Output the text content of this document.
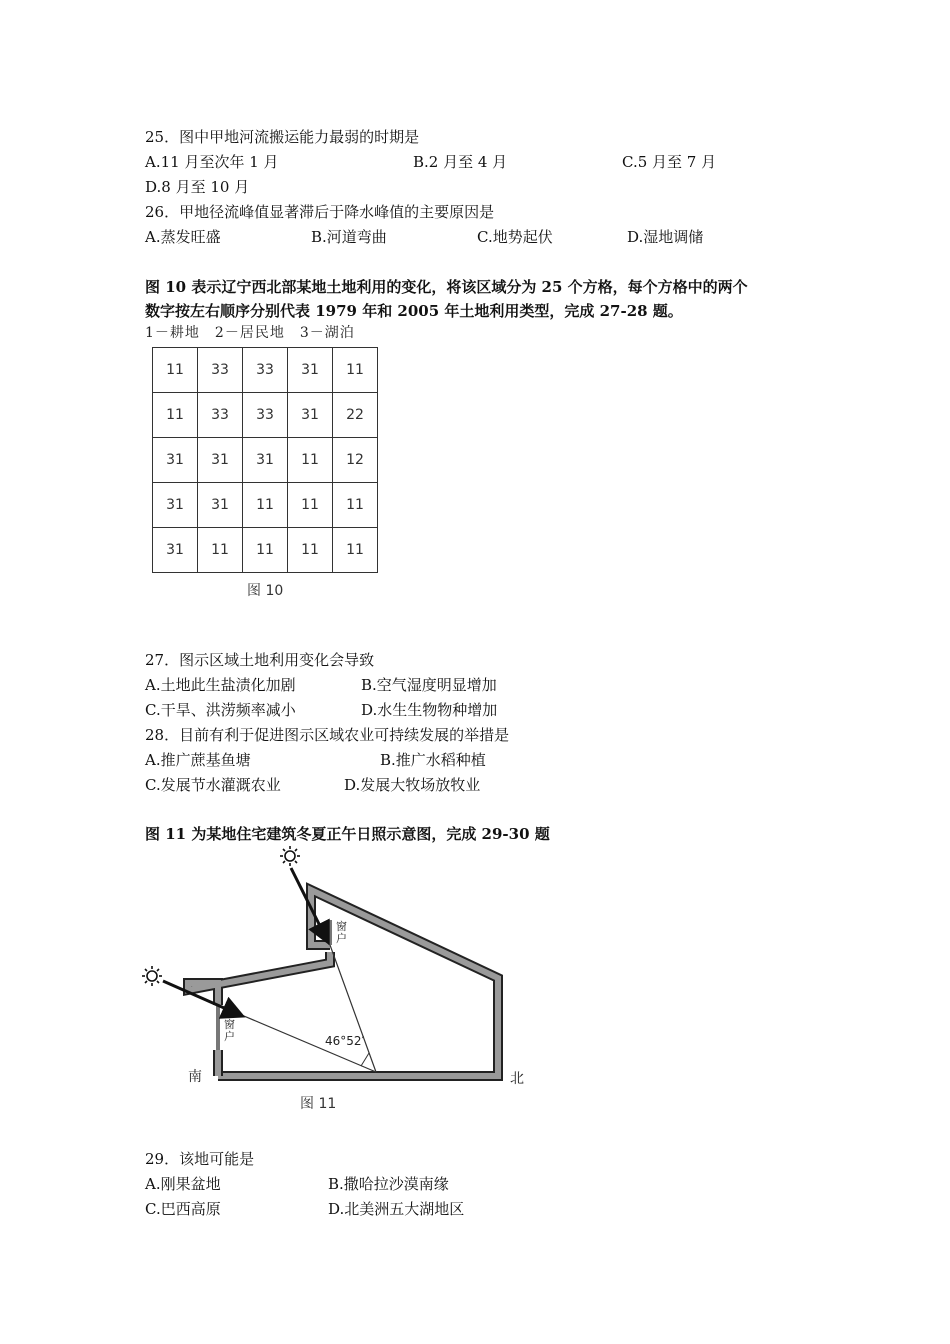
25．图中甲地河流搬运能力最弱的时期是
A.11 月至次年 1 月	B.2 月至 4 月	C.5 月至 7 月
D.8 月至 10 月
26．甲地径流峰值显著滞后于降水峰值的主要原因是
A.蒸发旺盛	B.河道弯曲	C.地势起伏	D.湿地调储
图 10 表示辽宁西北部某地土地利用的变化，将该区域分为 25 个方格，每个方格中的两个
数字按左右顺序分别代表 1979 年和 2005 年土地利用类型，完成 27-28 题。
1－耕地　2－居民地　3－湖泊
11	33	33	31	11
11	33	33	31	22
31	31	31	11	12
31	31	11	11	11
31	11	11	11	11
图 10
27．图示区域土地利用变化会导致
A.土地此生盐渍化加剧	B.空气湿度明显增加
C.干旱、洪涝频率减小	D.水生生物物种增加
28．目前有利于促进图示区域农业可持续发展的举措是
A.推广蔗基鱼塘	B.推广水稻种植
C.发展节水灌溉农业	D.发展大牧场放牧业
图 11 为某地住宅建筑冬夏正午日照示意图，完成 29-30 题
窗户
窗户	46°52′
南	北
图 11
29．该地可能是
A.刚果盆地	B.撒哈拉沙漠南缘
C.巴西高原	D.北美洲五大湖地区
